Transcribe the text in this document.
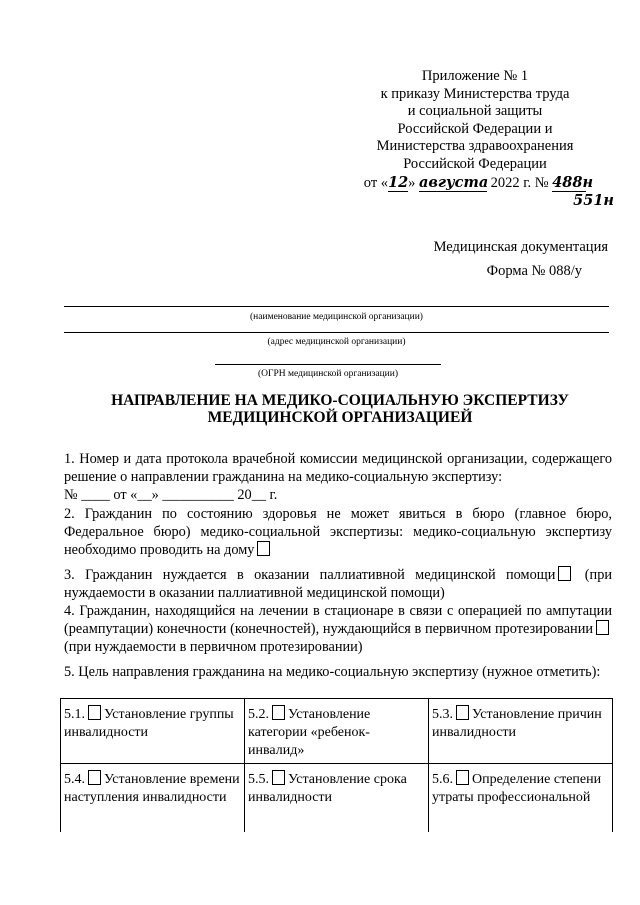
Приложение № 1
к приказу Министерства труда
и социальной защиты
Российской Федерации и
Министерства здравоохранения
Российской Федерации
от «12» августа 2022 г. № 488н
551н
Медицинская документация
Форма № 088/у
(наименование медицинской организации)
(адрес медицинской организации)
(ОГРН медицинской организации)
НАПРАВЛЕНИЕ НА МЕДИКО-СОЦИАЛЬНУЮ ЭКСПЕРТИЗУ
МЕДИЦИНСКОЙ ОРГАНИЗАЦИЕЙ
1. Номер и дата протокола врачебной комиссии медицинской организации, содержащего решение о направлении гражданина на медико-социальную экспертизу:
№ ____ от «__» __________ 20__ г.
2. Гражданин по состоянию здоровья не может явиться в бюро (главное бюро, Федеральное бюро) медико-социальной экспертизы: медико-социальную экспертизу необходимо проводить на дому
3. Гражданин нуждается в оказании паллиативной медицинской помощи (при нуждаемости в оказании паллиативной медицинской помощи)
4. Гражданин, находящийся на лечении в стационаре в связи с операцией по ампутации (реампутации) конечности (конечностей), нуждающийся в первичном протезировании(при нуждаемости в первичном протезировании)
5. Цель направления гражданина на медико-социальную экспертизу (нужное отметить):
5.1. Установление группы инвалидности	5.2. Установление категории «ребенок-инвалид»	5.3. Установление причин инвалидности
5.4. Установление времени наступления инвалидности	5.5. Установление срока инвалидности	5.6. Определение степени утраты профессиональной
